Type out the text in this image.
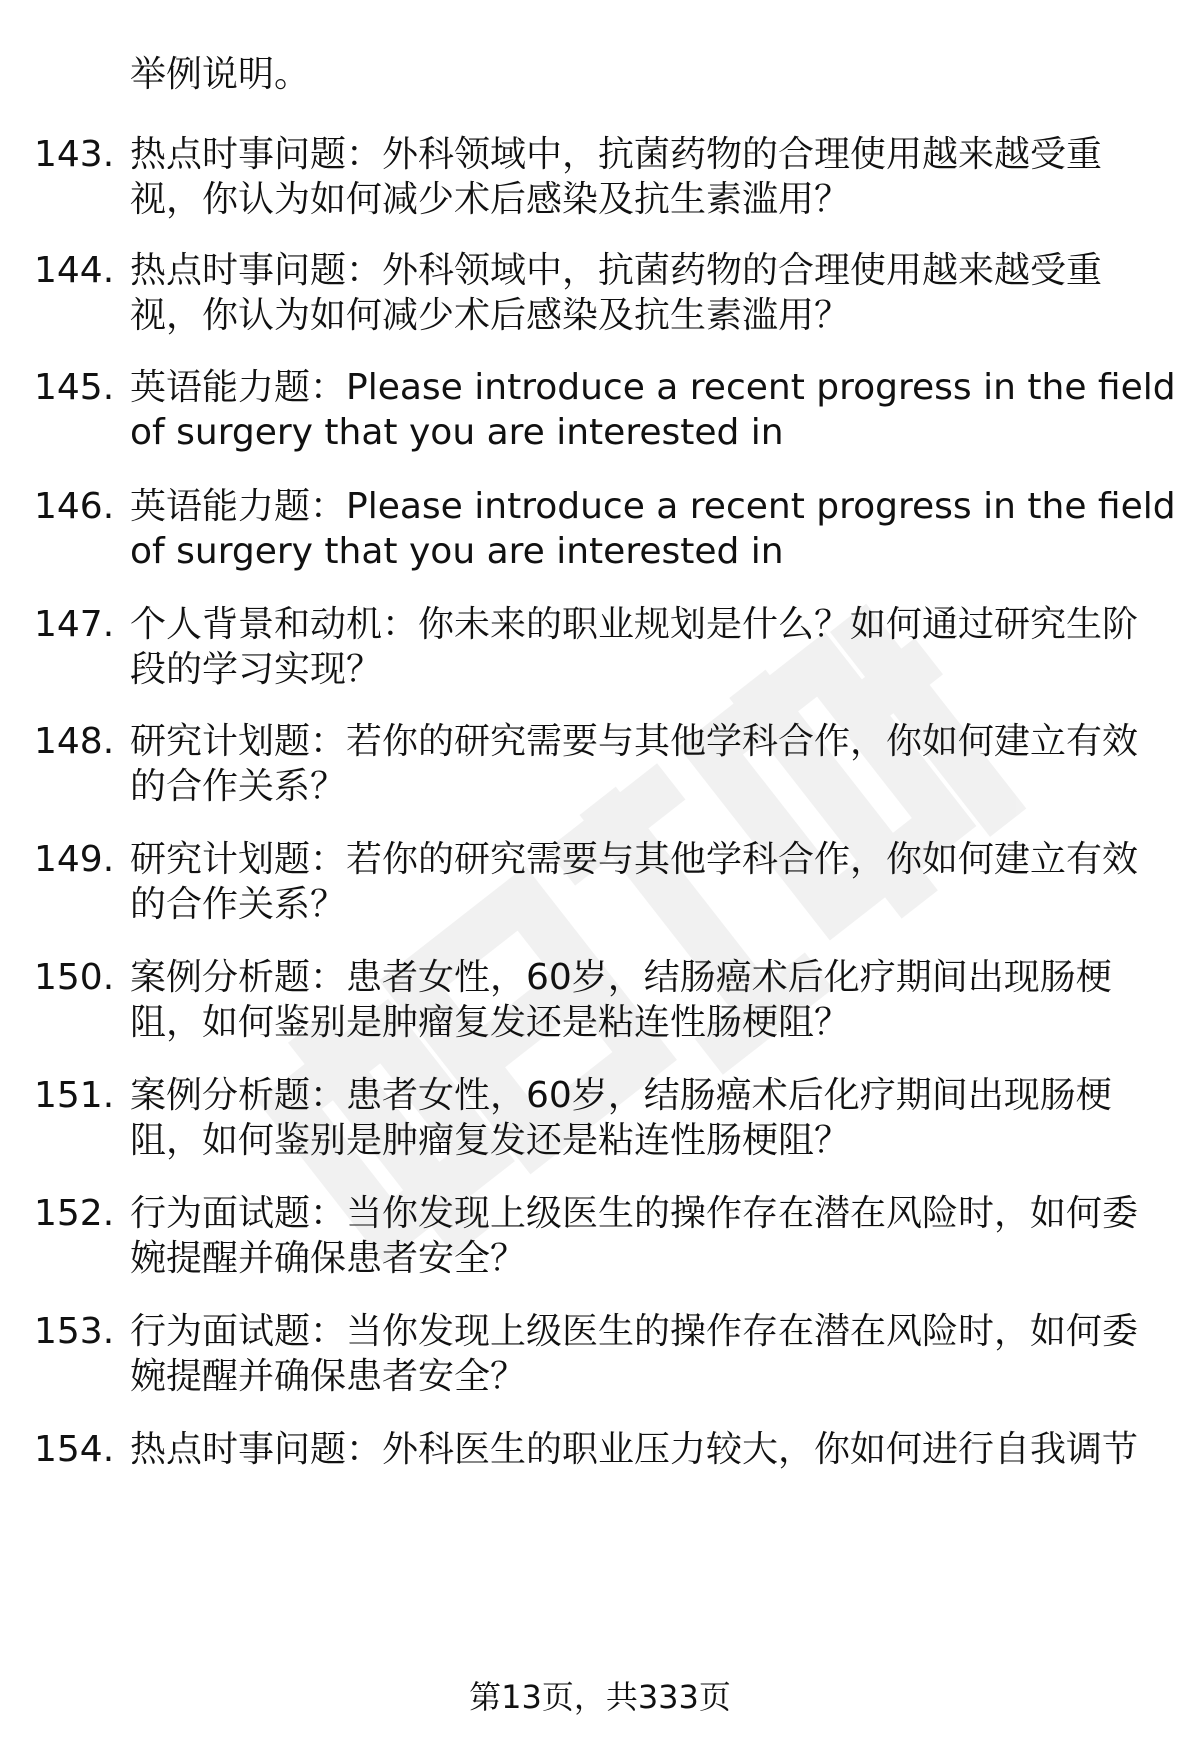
举例说明。
143. 热点时事问题：外科领域中，抗菌药物的合理使用越来越受重
视，你认为如何减少术后感染及抗生素滥用？
144. 热点时事问题：外科领域中，抗菌药物的合理使用越来越受重
视，你认为如何减少术后感染及抗生素滥用？
145. 英语能力题：Please introduce a recent progress in the field
of surgery that you are interested in
146. 英语能力题：Please introduce a recent progress in the field
of surgery that you are interested in
147. 个人背景和动机：你未来的职业规划是什么？如何通过研究生阶
段的学习实现？
148. 研究计划题：若你的研究需要与其他学科合作，你如何建立有效
的合作关系？
149. 研究计划题：若你的研究需要与其他学科合作，你如何建立有效
的合作关系？
150. 案例分析题：患者女性，60岁，结肠癌术后化疗期间出现肠梗
阻，如何鉴别是肿瘤复发还是粘连性肠梗阻？
151. 案例分析题：患者女性，60岁，结肠癌术后化疗期间出现肠梗
阻，如何鉴别是肿瘤复发还是粘连性肠梗阻？
152. 行为面试题：当你发现上级医生的操作存在潜在风险时，如何委
婉提醒并确保患者安全？
153. 行为面试题：当你发现上级医生的操作存在潜在风险时，如何委
婉提醒并确保患者安全？
154. 热点时事问题：外科医生的职业压力较大，你如何进行自我调节
第13页，共333页
